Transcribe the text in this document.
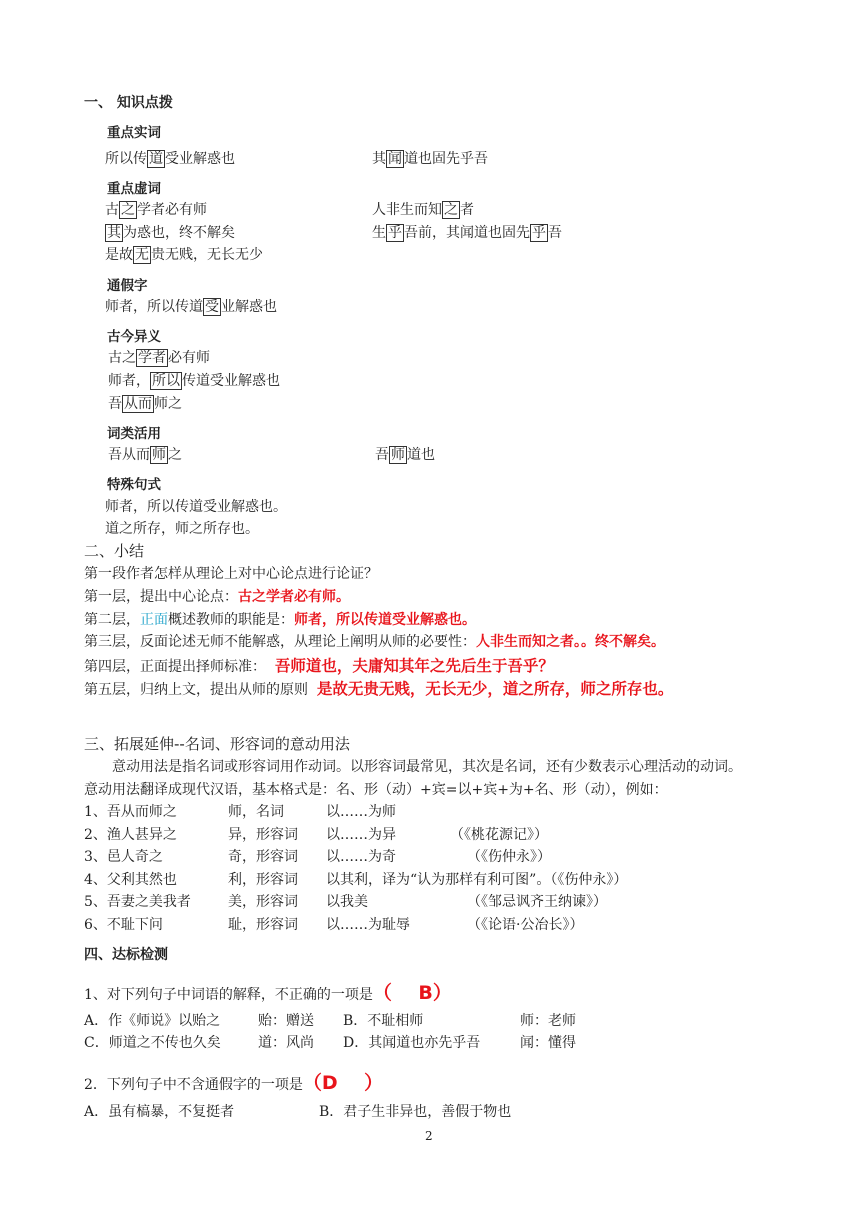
一、 知识点拨
重点实词
所以传 道 受业解惑也	其 闻 道也固先乎吾
重点虚词
古 之 学者必有师	人非生而知 之 者
其 为惑也，终不解矣	生 乎 吾前，其闻道也固先 乎 吾
是故 无 贵无贱，无长无少
通假字
师者，所以传道 受 业解惑也
古今异义
古之 学者 必有师
师者， 所以 传道受业解惑也
吾 从而 师之
词类活用
吾从而 师 之	吾 师 道也
特殊句式
师者，所以传道受业解惑也。
道之所存，师之所存也。
二、小结
第一段作者怎样从理论上对中心论点进行论证？
第一层，提出中心论点：古之学者必有师。
第二层，正面概述教师的职能是：师者，所以传道受业解惑也。
第三层，反面论述无师不能解惑，从理论上阐明从师的必要性：人非生而知之者。。终不解矣。
第四层，正面提出择师标准： 吾师道也，夫庸知其年之先后生于吾乎？
第五层，归纳上文，提出从师的原则 是故无贵无贱，无长无少，道之所存，师之所存也。
三、拓展延伸--名词、形容词的意动用法
意动用法是指名词或形容词用作动词。以形容词最常见，其次是名词，还有少数表示心理活动的动词。
意动用法翻译成现代汉语，基本格式是：名、形（动）+宾=以+宾+为+名、形（动），例如：
1、吾从而师之	师，名词	以……为师
2、渔人甚异之	异，形容词 以……为异	（《桃花源记》）
3、邑人奇之	奇，形容词 以……为奇	（《伤仲永》）
4、父利其然也	利，形容词 以其利，译为“认为那样有利可图”。（《伤仲永》）
5、吾妻之美我者	美，形容词 以我美	（《邹忌讽齐王纳谏》）
6、不耻下问	耻，形容词 以……为耻辱	（《论语·公冶长》）
四、达标检测
1、对下列句子中词语的解释，不正确的一项是（    B）
A．作《师说》以贻之	贻：赠送 B．不耻相师	师：老师
C．师道之不传也久矣	道：风尚 D．其闻道也亦先乎吾	闻：懂得
2．下列句子中不含通假字的一项是（D    ）
A．虽有槁暴，不复挺者	B．君子生非异也，善假于物也
2
